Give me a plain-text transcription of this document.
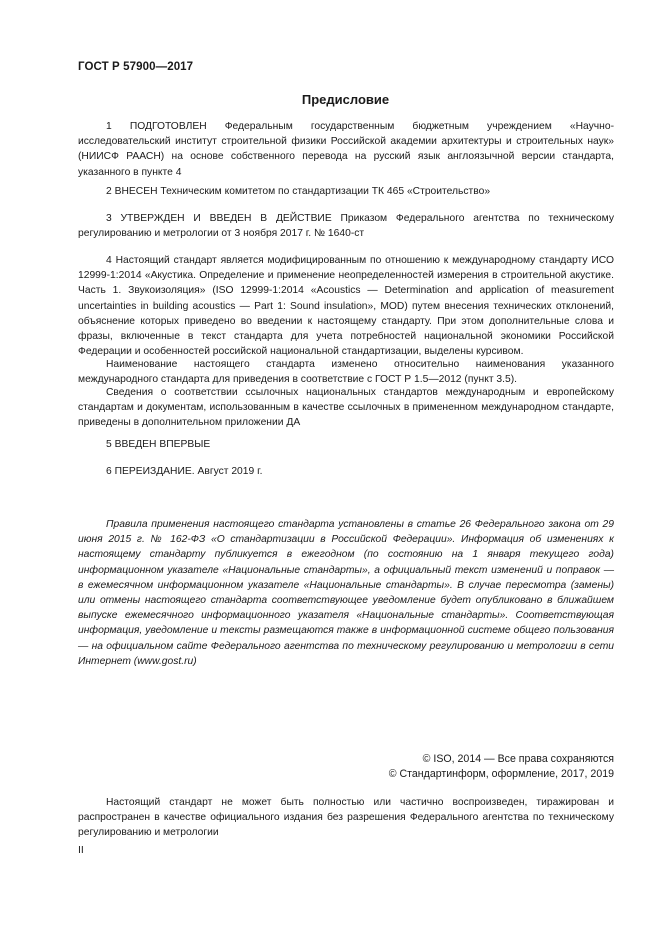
ГОСТ Р 57900—2017
Предисловие

1 ПОДГОТОВЛЕН Федеральным государственным бюджетным учреждением «Научно-исследовательский институт строительной физики Российской академии архитектуры и строительных наук» (НИИСФ РААСН) на основе собственного перевода на русский язык англоязычной версии стандарта, указанного в пункте 4

2 ВНЕСЕН Техническим комитетом по стандартизации ТК 465 «Строительство»

3 УТВЕРЖДЕН И ВВЕДЕН В ДЕЙСТВИЕ Приказом Федерального агентства по техническому регулированию и метрологии от 3 ноября 2017 г. № 1640-ст

4 Настоящий стандарт является модифицированным по отношению к международному стандарту ИСО 12999-1:2014 «Акустика. Определение и применение неопределенностей измерения в строительной акустике. Часть 1. Звукоизоляция» (ISO 12999-1:2014 «Acoustics — Determination and application of measurement uncertainties in building acoustics — Part 1: Sound insulation», MOD) путем внесения технических отклонений, объяснение которых приведено во введении к настоящему стандарту. При этом дополнительные слова и фразы, включенные в текст стандарта для учета потребностей национальной экономики Российской Федерации и особенностей российской национальной стандартизации, выделены курсивом.

Наименование настоящего стандарта изменено относительно наименования указанного международного стандарта для приведения в соответствие с ГОСТ Р 1.5—2012 (пункт 3.5).

Сведения о соответствии ссылочных национальных стандартов международным и европейскому стандартам и документам, использованным в качестве ссылочных в примененном международном стандарте, приведены в дополнительном приложении ДА

5 ВВЕДЕН ВПЕРВЫЕ

6 ПЕРЕИЗДАНИЕ. Август 2019 г.

Правила применения настоящего стандарта установлены в статье 26 Федерального закона от 29 июня 2015 г. № 162-ФЗ «О стандартизации в Российской Федерации». Информация об изменениях к настоящему стандарту публикуется в ежегодном (по состоянию на 1 января текущего года) информационном указателе «Национальные стандарты», а официальный текст изменений и поправок — в ежемесячном информационном указателе «Национальные стандарты». В случае пересмотра (замены) или отмены настоящего стандарта соответствующее уведомление будет опубликовано в ближайшем выпуске ежемесячного информационного указателя «Национальные стандарты». Соответствующая информация, уведомление и тексты размещаются также в информационной системе общего пользования — на официальном сайте Федерального агентства по техническому регулированию и метрологии в сети Интернет (www.gost.ru)

© ISO, 2014 — Все права сохраняются
© Стандартинформ, оформление, 2017, 2019

Настоящий стандарт не может быть полностью или частично воспроизведен, тиражирован и распространен в качестве официального издания без разрешения Федерального агентства по техническому регулированию и метрологии

II
